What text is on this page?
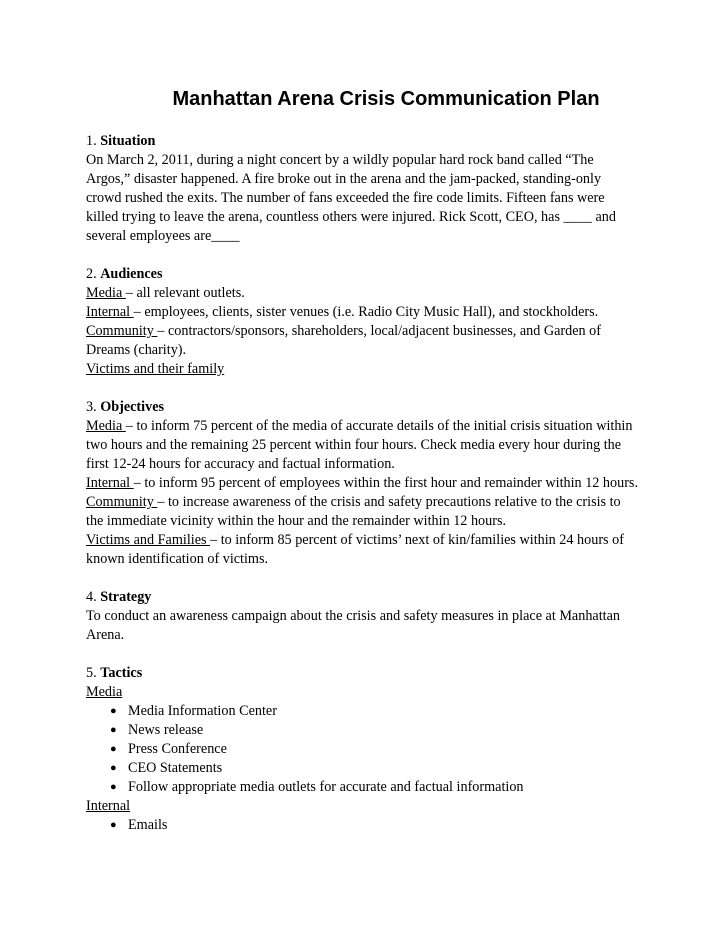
Manhattan Arena Crisis Communication Plan
1. Situation
On March 2, 2011, during a night concert by a wildly popular hard rock band called “The
Argos,” disaster happened. A fire broke out in the arena and the jam-packed, standing-only
crowd rushed the exits. The number of fans exceeded the fire code limits. Fifteen fans were
killed trying to leave the arena, countless others were injured. Rick Scott, CEO, has ____ and
several employees are____
2. Audiences
Media – all relevant outlets.
Internal – employees, clients, sister venues (i.e. Radio City Music Hall), and stockholders.
Community – contractors/sponsors, shareholders, local/adjacent businesses, and Garden of
Dreams (charity).
Victims and their family
3. Objectives
Media – to inform 75 percent of the media of accurate details of the initial crisis situation within
two hours and the remaining 25 percent within four hours. Check media every hour during the
first 12-24 hours for accuracy and factual information.
Internal – to inform 95 percent of employees within the first hour and remainder within 12 hours.
Community – to increase awareness of the crisis and safety precautions relative to the crisis to
the immediate vicinity within the hour and the remainder within 12 hours.
Victims and Families – to inform 85 percent of victims’ next of kin/families within 24 hours of
known identification of victims.
4. Strategy
To conduct an awareness campaign about the crisis and safety measures in place at Manhattan
Arena.
5. Tactics
Media
● Media Information Center
● News release
● Press Conference
● CEO Statements
● Follow appropriate media outlets for accurate and factual information
Internal
● Emails
